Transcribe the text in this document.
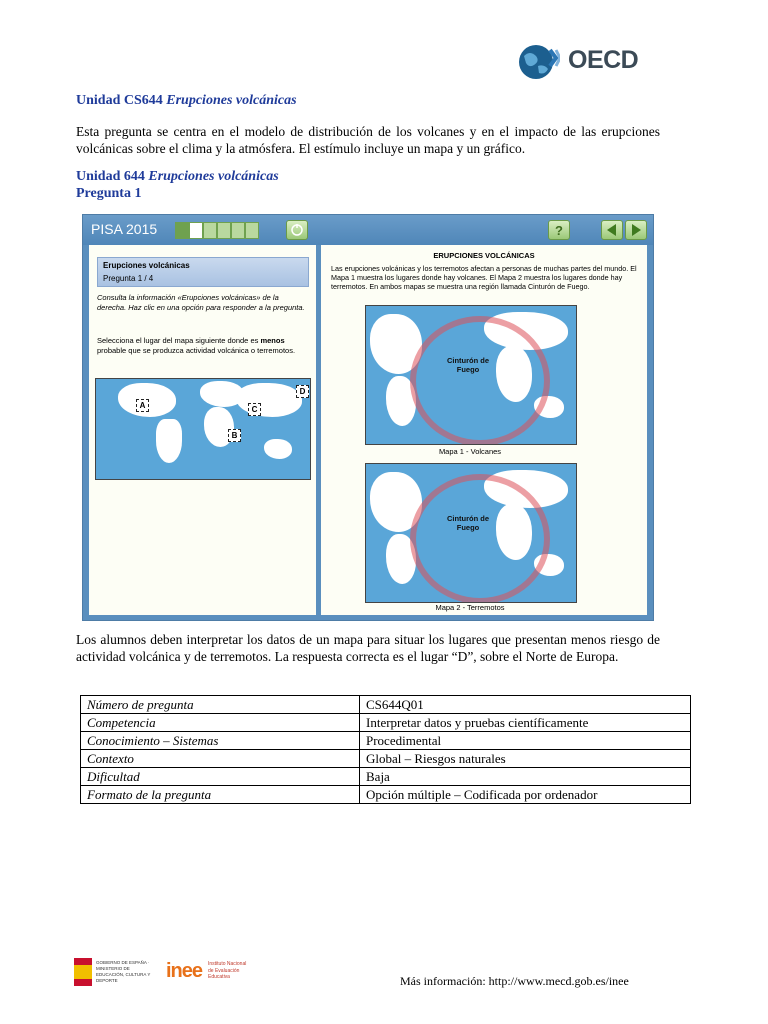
OECD
Unidad CS644 Erupciones volcánicas
Esta pregunta se centra en el modelo de distribución de los volcanes y en el impacto de las erupciones volcánicas sobre el clima y la atmósfera. El estímulo incluye un mapa y un gráfico.
Unidad 644 Erupciones volcánicas
Pregunta 1
PISA 2015	?
Erupciones volcánicas
Pregunta 1 / 4
Consulta la información «Erupciones volcánicas» de la derecha. Haz clic en una opción para responder a la pregunta.
Selecciona el lugar del mapa siguiente donde es menos probable que se produzca actividad volcánica o terremotos.
A
B
C
D
ERUPCIONES VOLCÁNICAS
Las erupciones volcánicas y los terremotos afectan a personas de muchas partes del mundo. El Mapa 1 muestra los lugares donde hay volcanes. El Mapa 2 muestra los lugares donde hay terremotos. En ambos mapas se muestra una región llamada Cinturón de Fuego.
Cinturón de Fuego
Mapa 1 - Volcanes
Cinturón de Fuego
Mapa 2 - Terremotos
Los alumnos deben interpretar los datos de un mapa para situar los lugares que presentan menos riesgo de actividad volcánica y de terremotos. La respuesta correcta es el lugar “D”, sobre el Norte de Europa.
Número de pregunta	CS644Q01
Competencia	Interpretar datos y pruebas científicamente
Conocimiento – Sistemas	Procedimental
Contexto	Global – Riesgos naturales
Dificultad	Baja
Formato de la pregunta	Opción múltiple – Codificada por ordenador
GOBIERNO DE ESPAÑA · MINISTERIO DE EDUCACIÓN, CULTURA Y DEPORTE	inee Instituto Nacional de Evaluación Educativa	Más información: http://www.mecd.gob.es/inee
